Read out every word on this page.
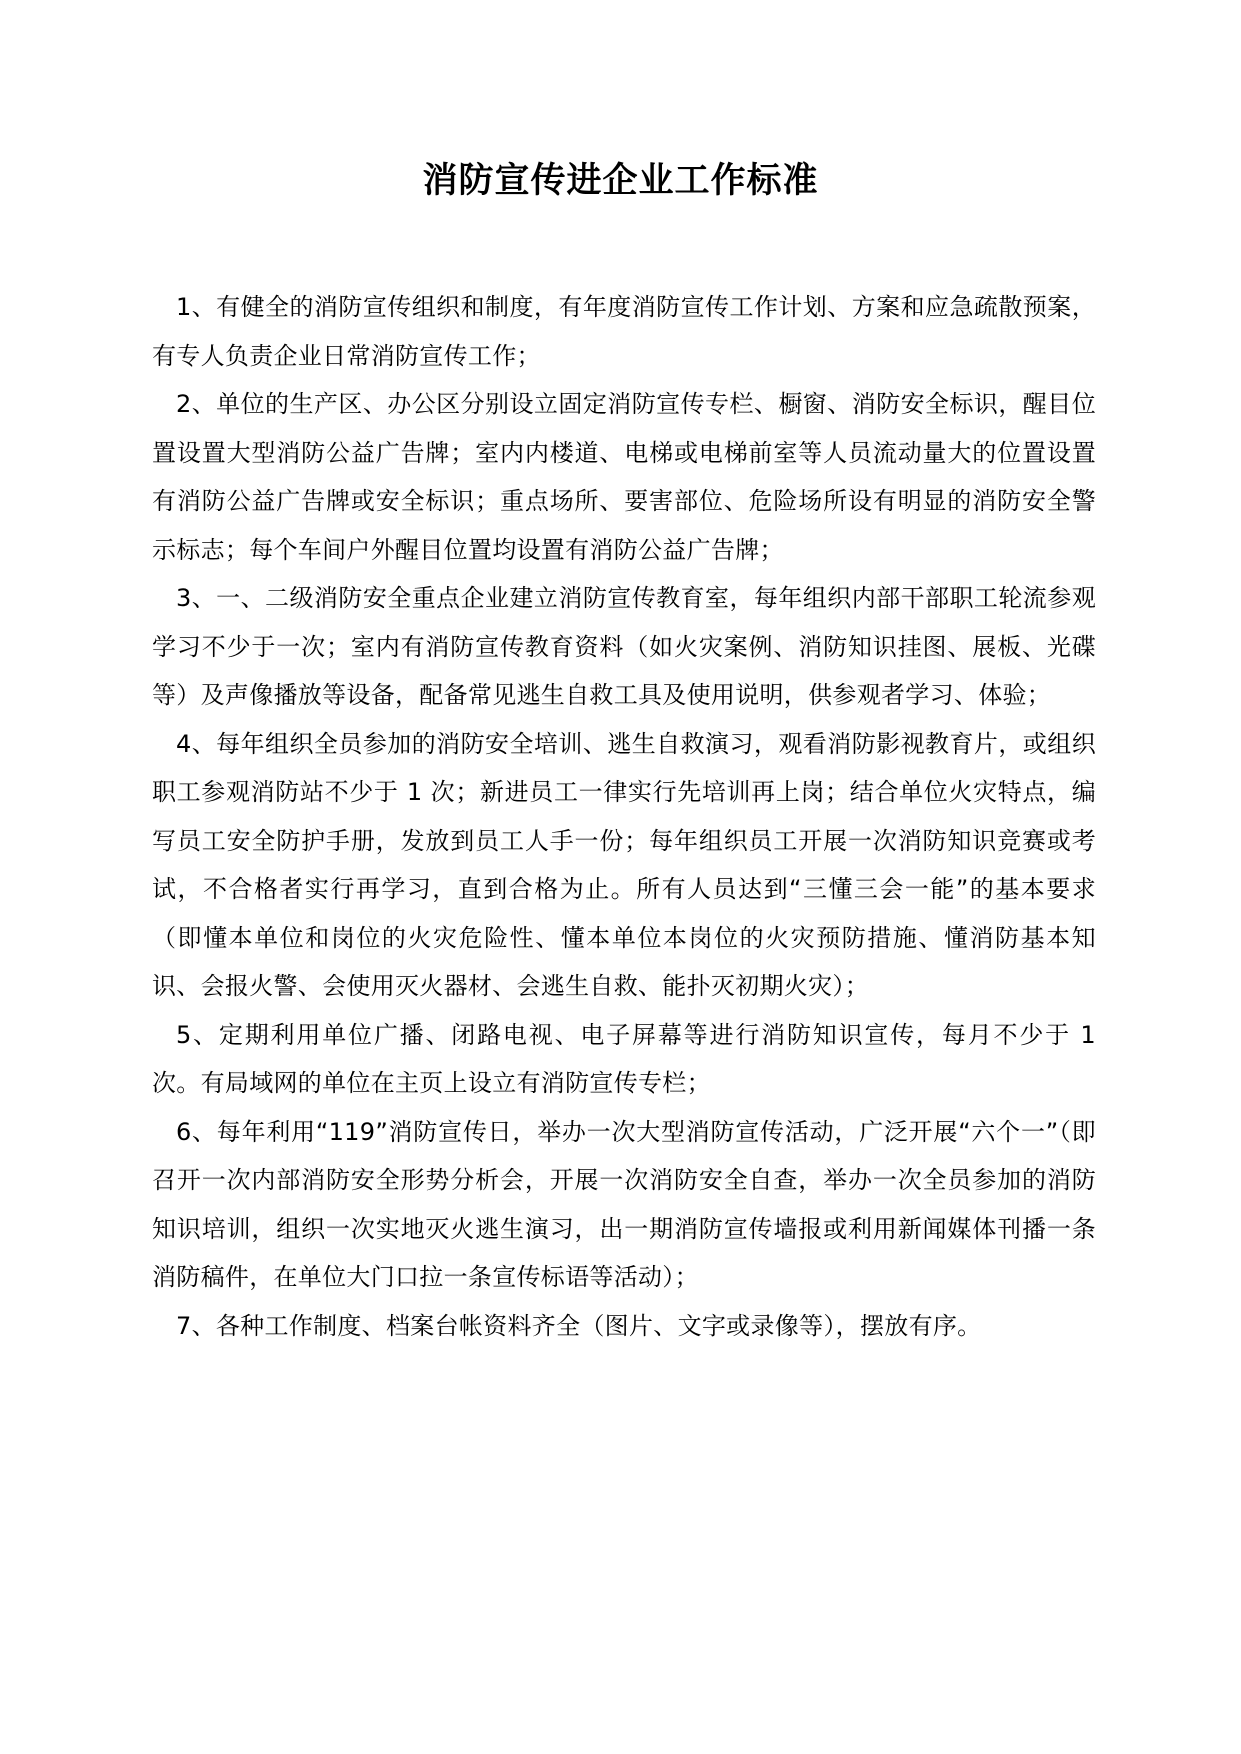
消防宣传进企业工作标准

1、有健全的消防宣传组织和制度，有年度消防宣传工作计划、方案和应急疏散预案，有专人负责企业日常消防宣传工作；

2、单位的生产区、办公区分别设立固定消防宣传专栏、橱窗、消防安全标识，醒目位置设置大型消防公益广告牌；室内内楼道、电梯或电梯前室等人员流动量大的位置设置有消防公益广告牌或安全标识；重点场所、要害部位、危险场所设有明显的消防安全警示标志；每个车间户外醒目位置均设置有消防公益广告牌；

3、一、二级消防安全重点企业建立消防宣传教育室，每年组织内部干部职工轮流参观学习不少于一次；室内有消防宣传教育资料（如火灾案例、消防知识挂图、展板、光碟等）及声像播放等设备，配备常见逃生自救工具及使用说明，供参观者学习、体验；

4、每年组织全员参加的消防安全培训、逃生自救演习，观看消防影视教育片，或组织职工参观消防站不少于 1 次；新进员工一律实行先培训再上岗；结合单位火灾特点，编写员工安全防护手册，发放到员工人手一份；每年组织员工开展一次消防知识竞赛或考试，不合格者实行再学习，直到合格为止。所有人员达到“三懂三会一能”的基本要求（即懂本单位和岗位的火灾危险性、懂本单位本岗位的火灾预防措施、懂消防基本知识、会报火警、会使用灭火器材、会逃生自救、能扑灭初期火灾）；

5、定期利用单位广播、闭路电视、电子屏幕等进行消防知识宣传，每月不少于 1 次。有局域网的单位在主页上设立有消防宣传专栏；

6、每年利用“119”消防宣传日，举办一次大型消防宣传活动，广泛开展“六个一”（即召开一次内部消防安全形势分析会，开展一次消防安全自查，举办一次全员参加的消防知识培训，组织一次实地灭火逃生演习，出一期消防宣传墙报或利用新闻媒体刊播一条消防稿件，在单位大门口拉一条宣传标语等活动）；

7、各种工作制度、档案台帐资料齐全（图片、文字或录像等），摆放有序。
